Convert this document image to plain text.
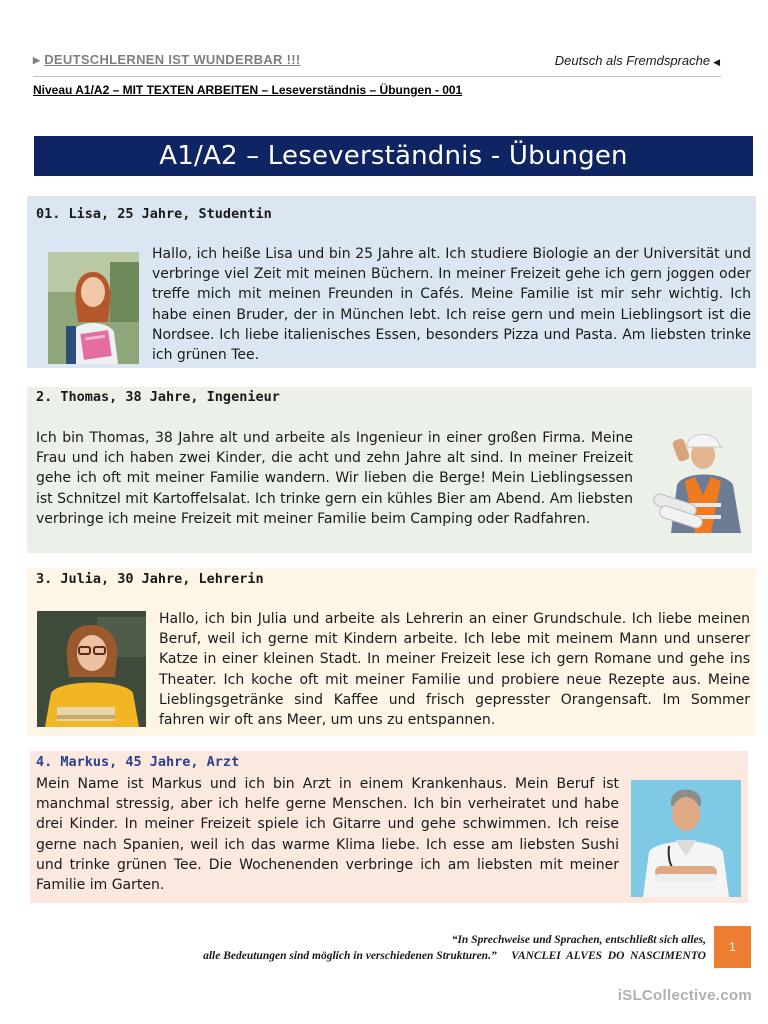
▶ DEUTSCHLERNEN IST WUNDERBAR !!!	Deutsch als Fremdsprache ◀
Niveau A1/A2 – MIT TEXTEN ARBEITEN – Leseverständnis – Übungen - 001
A1/A2 – Leseverständnis - Übungen
01. Lisa, 25 Jahre, Studentin
Hallo, ich heiße Lisa und bin 25 Jahre alt. Ich studiere Biologie an der Universität und verbringe viel Zeit mit meinen Büchern. In meiner Freizeit gehe ich gern joggen oder treffe mich mit meinen Freunden in Cafés. Meine Familie ist mir sehr wichtig. Ich habe einen Bruder, der in München lebt. Ich reise gern und mein Lieblingsort ist die Nordsee. Ich liebe italienisches Essen, besonders Pizza und Pasta. Am liebsten trinke ich grünen Tee.
2. Thomas, 38 Jahre, Ingenieur
Ich bin Thomas, 38 Jahre alt und arbeite als Ingenieur in einer großen Firma. Meine Frau und ich haben zwei Kinder, die acht und zehn Jahre alt sind. In meiner Freizeit gehe ich oft mit meiner Familie wandern. Wir lieben die Berge! Mein Lieblingsessen ist Schnitzel mit Kartoffelsalat. Ich trinke gern ein kühles Bier am Abend. Am liebsten verbringe ich meine Freizeit mit meiner Familie beim Camping oder Radfahren.
3. Julia, 30 Jahre, Lehrerin
Hallo, ich bin Julia und arbeite als Lehrerin an einer Grundschule. Ich liebe meinen Beruf, weil ich gerne mit Kindern arbeite. Ich lebe mit meinem Mann und unserer Katze in einer kleinen Stadt. In meiner Freizeit lese ich gern Romane und gehe ins Theater. Ich koche oft mit meiner Familie und probiere neue Rezepte aus. Meine Lieblingsgetränke sind Kaffee und frisch gepresster Orangensaft. Im Sommer fahren wir oft ans Meer, um uns zu entspannen.
4. Markus, 45 Jahre, Arzt
Mein Name ist Markus und ich bin Arzt in einem Krankenhaus. Mein Beruf ist manchmal stressig, aber ich helfe gerne Menschen. Ich bin verheiratet und habe drei Kinder. In meiner Freizeit spiele ich Gitarre und gehe schwimmen. Ich reise gerne nach Spanien, weil ich das warme Klima liebe. Ich esse am liebsten Sushi und trinke grünen Tee. Die Wochenenden verbringe ich am liebsten mit meiner Familie im Garten.
“In Sprechweise und Sprachen, entschließt sich alles,
alle Bedeutungen sind möglich in verschiedenen Strukturen.”     VANCLEI  ALVES  DO  NASCIMENTO
1
iSLCollective.com
